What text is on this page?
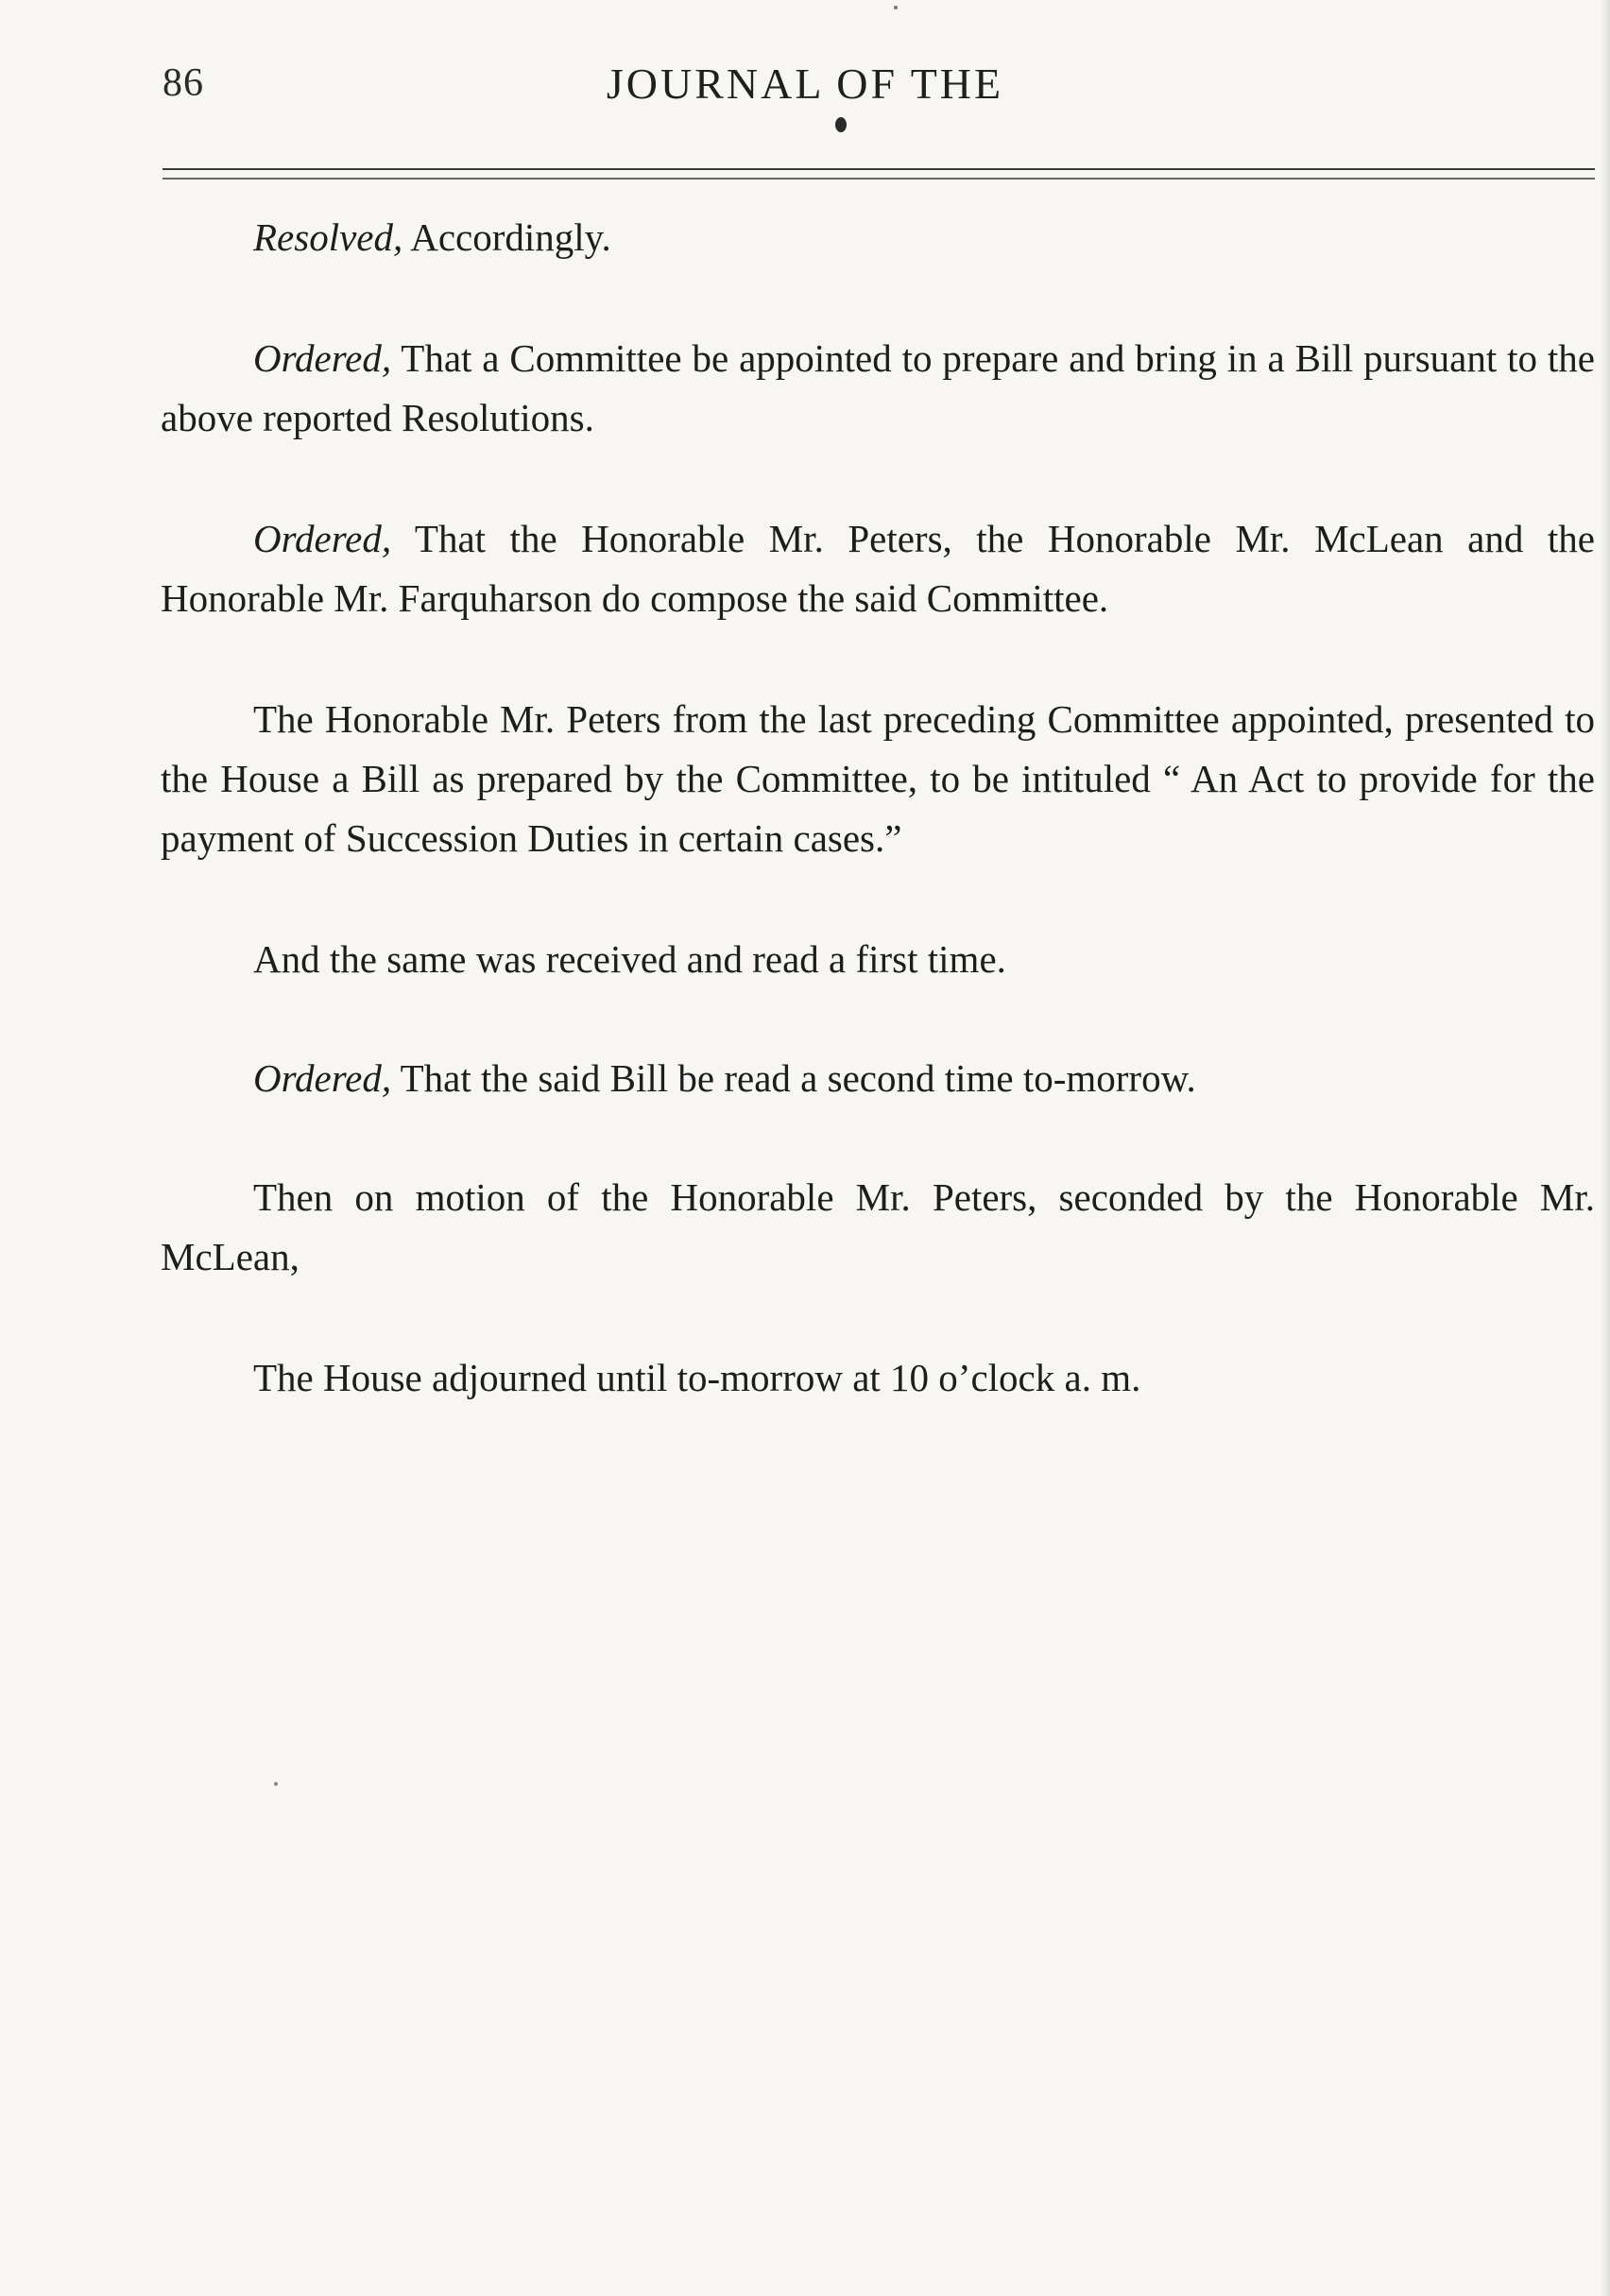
86	JOURNAL OF THE

Resolved, Accordingly.

Ordered, That a Committee be appointed to prepare and bring in a Bill pursuant to the above reported Resolutions.

Ordered, That the Honorable Mr. Peters, the Honorable Mr. McLean and the Honorable Mr. Farquharson do compose the said Committee.

The Honorable Mr. Peters from the last preceding Committee appointed, presented to the House a Bill as prepared by the Committee, to be intituled “ An Act to provide for the payment of Succession Duties in certain cases.”

And the same was received and read a first time.

Ordered, That the said Bill be read a second time to-morrow.

Then on motion of the Honorable Mr. Peters, seconded by the Honorable Mr. McLean,

The House adjourned until to-morrow at 10 o’clock a. m.
